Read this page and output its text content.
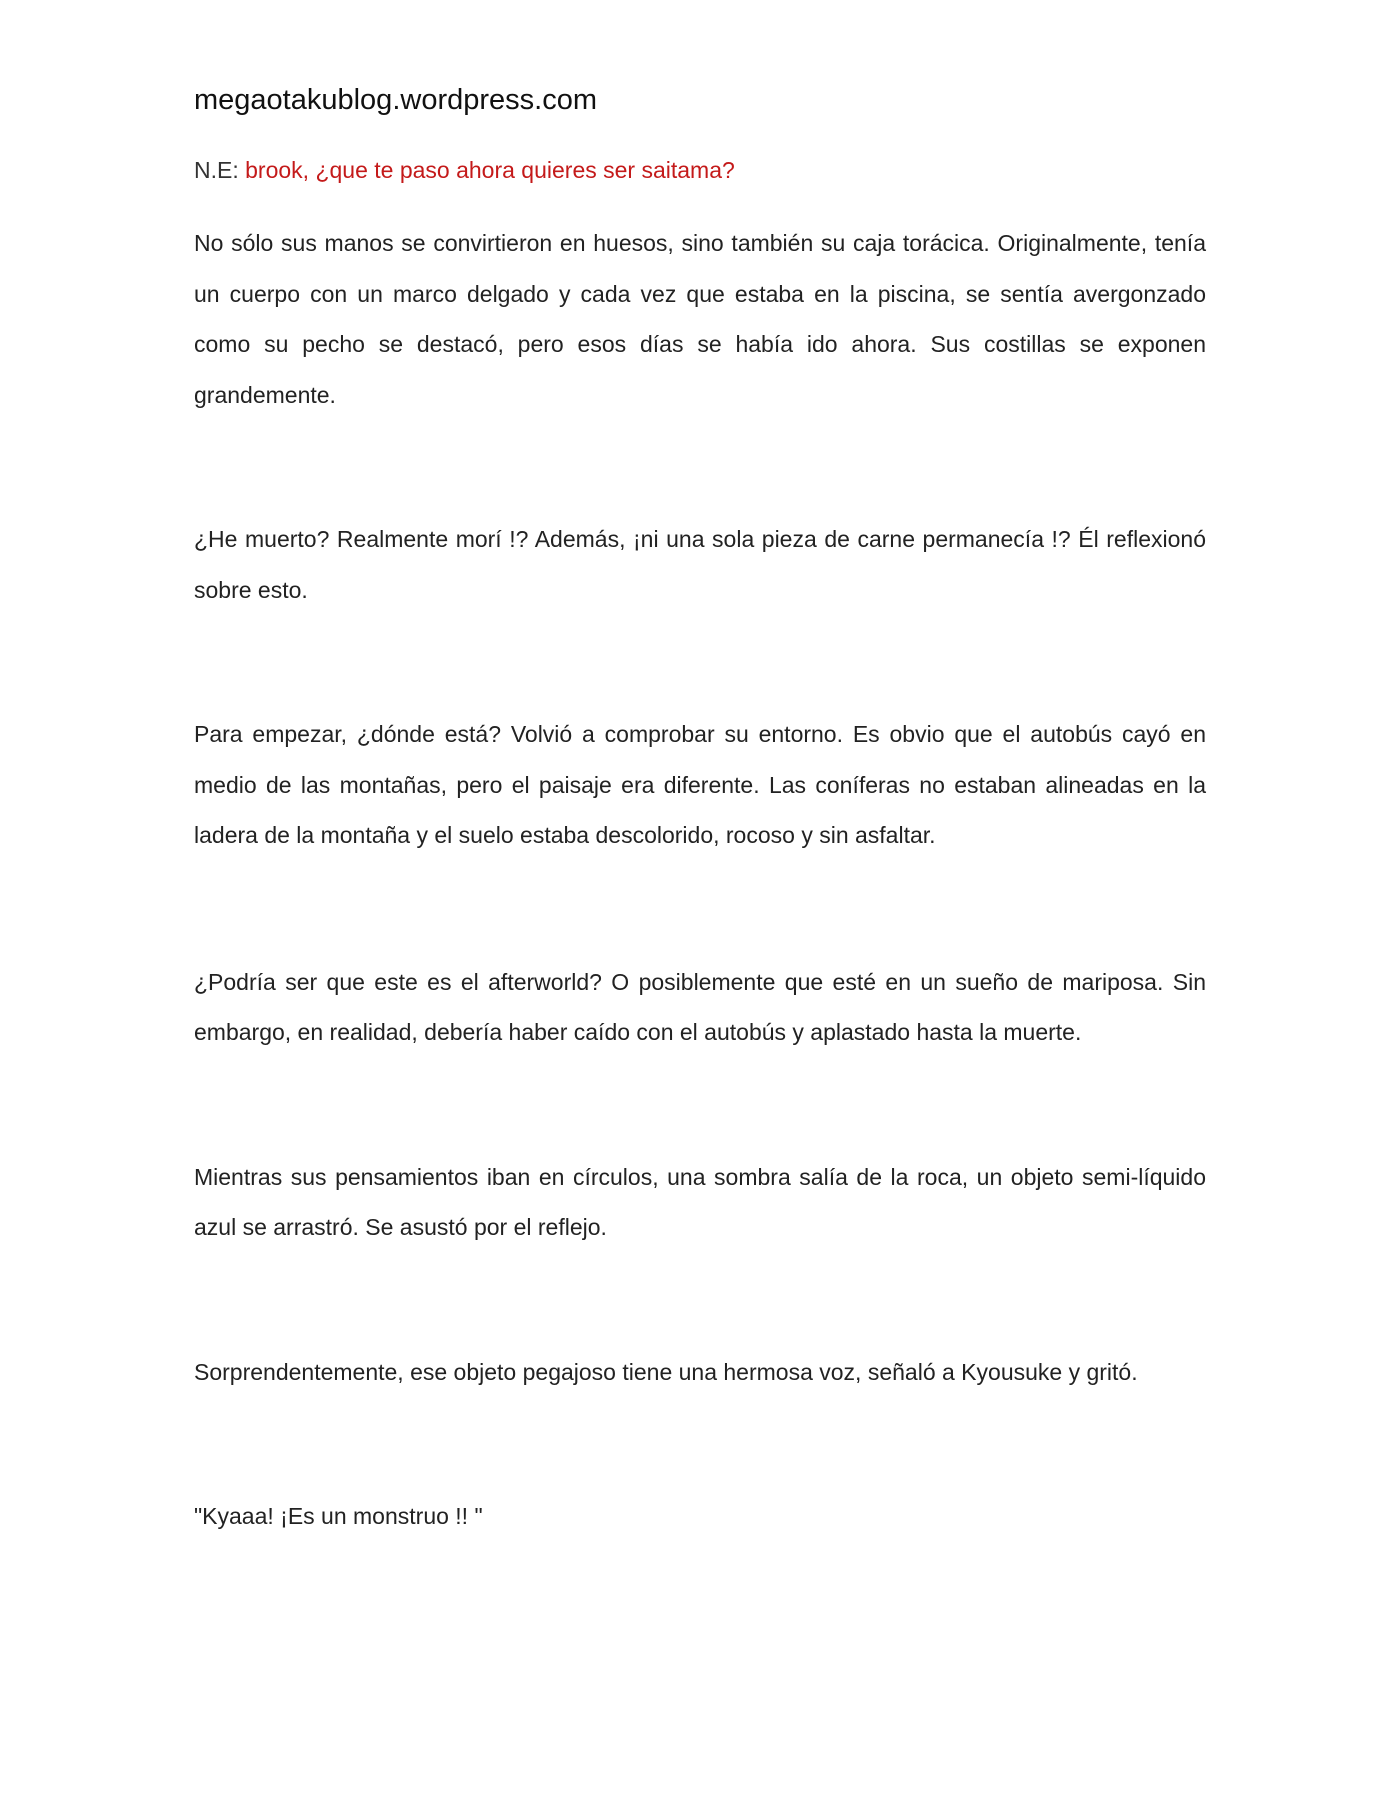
megaotakublog.wordpress.com
N.E: brook, ¿que te paso ahora quieres ser saitama?

No sólo sus manos se convirtieron en huesos, sino también su caja torácica. Originalmente, tenía un cuerpo con un marco delgado y cada vez que estaba en la piscina, se sentía avergonzado como su pecho se destacó, pero esos días se había ido ahora. Sus costillas se exponen grandemente.

¿He muerto? Realmente morí !? Además, ¡ni una sola pieza de carne permanecía !? Él reflexionó sobre esto.

Para empezar, ¿dónde está? Volvió a comprobar su entorno. Es obvio que el autobús cayó en medio de las montañas, pero el paisaje era diferente. Las coníferas no estaban alineadas en la ladera de la montaña y el suelo estaba descolorido, rocoso y sin asfaltar.

¿Podría ser que este es el afterworld? O posiblemente que esté en un sueño de mariposa. Sin embargo, en realidad, debería haber caído con el autobús y aplastado hasta la muerte.

Mientras sus pensamientos iban en círculos, una sombra salía de la roca, un objeto semi-líquido azul se arrastró. Se asustó por el reflejo.

Sorprendentemente, ese objeto pegajoso tiene una hermosa voz, señaló a Kyousuke y gritó.

"Kyaaa! ¡Es un monstruo !! "
